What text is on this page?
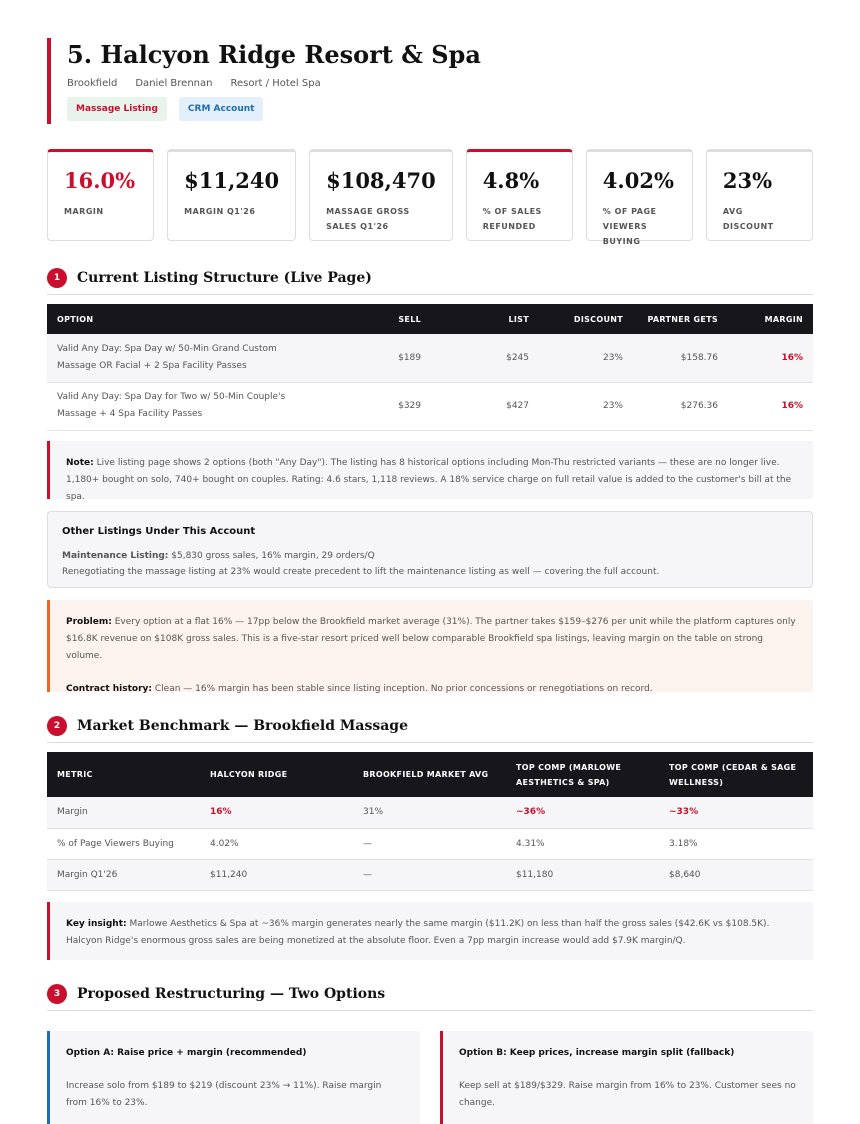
5. Halcyon Ridge Resort & Spa
Brookfield Daniel Brennan Resort / Hotel Spa
Massage Listing	CRM Account
16.0%
MARGIN
$11,240
MARGIN Q1'26
$108,470
MASSAGE GROSS SALES Q1'26
4.8%
% OF SALES REFUNDED
4.02%
% OF PAGE VIEWERS BUYING
23%
AVG DISCOUNT
1	Current Listing Structure (Live Page)
OPTION	SELL	LIST	DISCOUNT	PARTNER GETS	MARGIN
Valid Any Day: Spa Day w/ 50-Min Grand Custom Massage OR Facial + 2 Spa Facility Passes	$189	$245	23%	$158.76	16%
Valid Any Day: Spa Day for Two w/ 50-Min Couple's Massage + 4 Spa Facility Passes	$329	$427	23%	$276.36	16%
Note: Live listing page shows 2 options (both "Any Day"). The listing has 8 historical options including Mon-Thu restricted variants — these are no longer live. 1,180+ bought on solo, 740+ bought on couples. Rating: 4.6 stars, 1,118 reviews. A 18% service charge on full retail value is added to the customer's bill at the spa.
Other Listings Under This Account
Maintenance Listing: $5,830 gross sales, 16% margin, 29 orders/Q
Renegotiating the massage listing at 23% would create precedent to lift the maintenance listing as well — covering the full account.
Problem: Every option at a flat 16% — 17pp below the Brookfield market average (31%). The partner takes $159–$276 per unit while the platform captures only $16.8K revenue on $108K gross sales. This is a five-star resort priced well below comparable Brookfield spa listings, leaving margin on the table on strong volume.
Contract history: Clean — 16% margin has been stable since listing inception. No prior concessions or renegotiations on record.
2	Market Benchmark — Brookfield Massage
METRIC	HALCYON RIDGE	BROOKFIELD MARKET AVG	TOP COMP (MARLOWE AESTHETICS & SPA)	TOP COMP (CEDAR & SAGE WELLNESS)
Margin	16%	31%	~36%	~33%
% of Page Viewers Buying	4.02%	—	4.31%	3.18%
Margin Q1'26	$11,240	—	$11,180	$8,640
Key insight: Marlowe Aesthetics & Spa at ~36% margin generates nearly the same margin ($11.2K) on less than half the gross sales ($42.6K vs $108.5K). Halcyon Ridge's enormous gross sales are being monetized at the absolute floor. Even a 7pp margin increase would add $7.9K margin/Q.
3	Proposed Restructuring — Two Options
Option A: Raise price + margin (recommended)
Increase solo from $189 to $219 (discount 23% → 11%). Raise margin from 16% to 23%.
Option B: Keep prices, increase margin split (fallback)
Keep sell at $189/$329. Raise margin from 16% to 23%. Customer sees no change.
